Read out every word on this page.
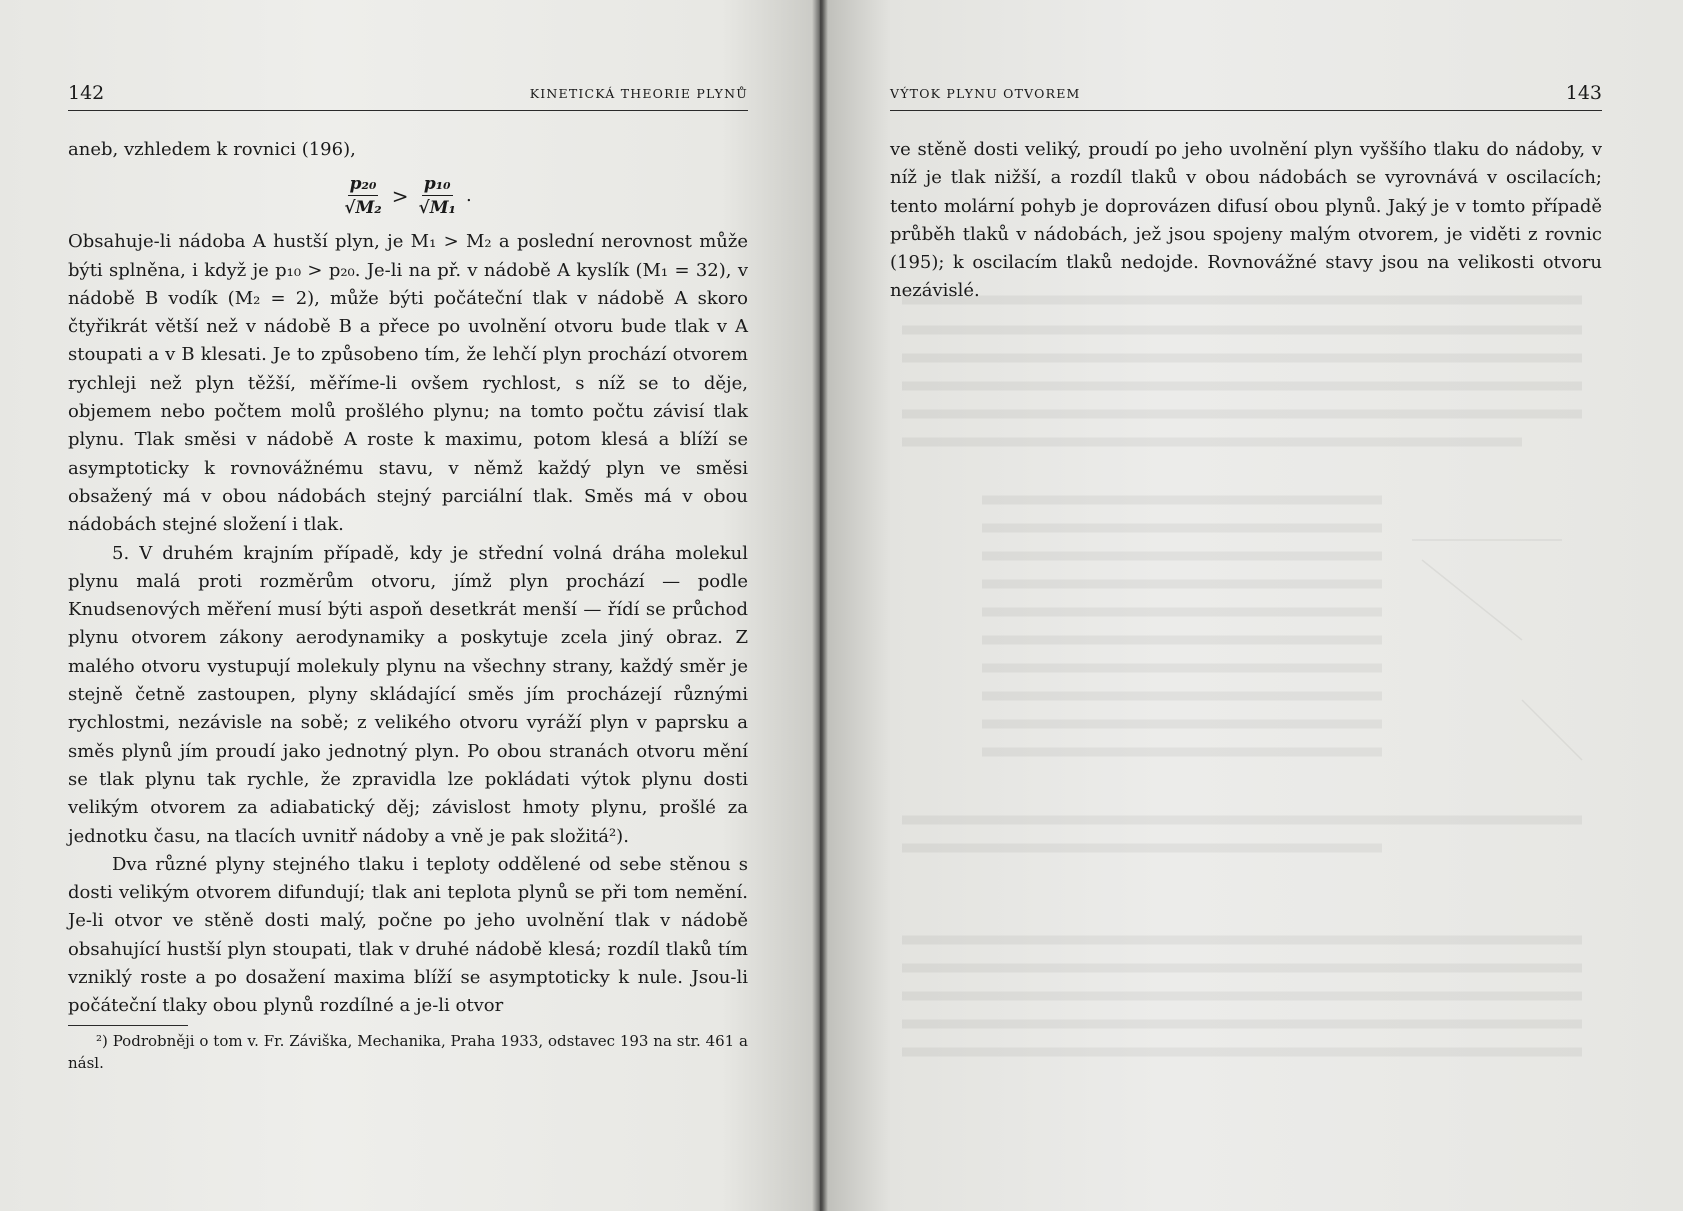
142	KINETICKÁ THEORIE PLYNŮ

aneb, vzhledem k rovnici (196),

$\frac{\text{p₂₀}}{\text{√M₂}} > \frac{\text{p₁₀}}{\text{√M₁}}$ .

Obsahuje-li nádoba A hustší plyn, je M₁ > M₂ a poslední nerovnost může býti splněna, i když je p₁₀ > p₂₀. Je-li na př. v nádobě A kyslík (M₁ = 32), v nádobě B vodík (M₂ = 2), může býti počáteční tlak v nádobě A skoro čtyřikrát větší než v nádobě B a přece po uvolnění otvoru bude tlak v A stoupati a v B klesati. Je to způsobeno tím, že lehčí plyn prochází otvorem rychleji než plyn těžší, měříme-li ovšem rychlost, s níž se to děje, objemem nebo počtem molů prošlého plynu; na tomto počtu závisí tlak plynu. Tlak směsi v nádobě A roste k maximu, potom klesá a blíží se asymptoticky k rovnovážnému stavu, v němž každý plyn ve směsi obsažený má v obou nádobách stejný parciální tlak. Směs má v obou nádobách stejné složení i tlak.

5. V druhém krajním případě, kdy je střední volná dráha molekul plynu malá proti rozměrům otvoru, jímž plyn prochází — podle Knudsenových měření musí býti aspoň desetkrát menší — řídí se průchod plynu otvorem zákony aerodynamiky a poskytuje zcela jiný obraz. Z malého otvoru vystupují molekuly plynu na všechny strany, každý směr je stejně četně zastoupen, plyny skládající směs jím procházejí různými rychlostmi, nezávisle na sobě; z velikého otvoru vyráží plyn v paprsku a směs plynů jím proudí jako jednotný plyn. Po obou stranách otvoru mění se tlak plynu tak rychle, že zpravidla lze pokládati výtok plynu dosti velikým otvorem za adiabatický děj; závislost hmoty plynu, prošlé za jednotku času, na tlacích uvnitř nádoby a vně je pak složitá²).

Dva různé plyny stejného tlaku i teploty oddělené od sebe stěnou s dosti velikým otvorem difundují; tlak ani teplota plynů se při tom nemění. Je-li otvor ve stěně dosti malý, počne po jeho uvolnění tlak v nádobě obsahující hustší plyn stoupati, tlak v druhé nádobě klesá; rozdíl tlaků tím vzniklý roste a po dosažení maxima blíží se asymptoticky k nule. Jsou-li počáteční tlaky obou plynů rozdílné a je-li otvor

²) Podrobněji o tom v. Fr. Záviška, Mechanika, Praha 1933, odstavec 193 na str. 461 a násl.
VÝTOK PLYNU OTVOREM	143

ve stěně dosti veliký, proudí po jeho uvolnění plyn vyššího tlaku do nádoby, v níž je tlak nižší, a rozdíl tlaků v obou nádobách se vyrovnává v oscilacích; tento molární pohyb je doprovázen difusí obou plynů. Jaký je v tomto případě průběh tlaků v nádobách, jež jsou spojeny malým otvorem, je viděti z rovnic (195); k oscilacím tlaků nedojde. Rovnovážné stavy jsou na velikosti otvoru nezávislé.
